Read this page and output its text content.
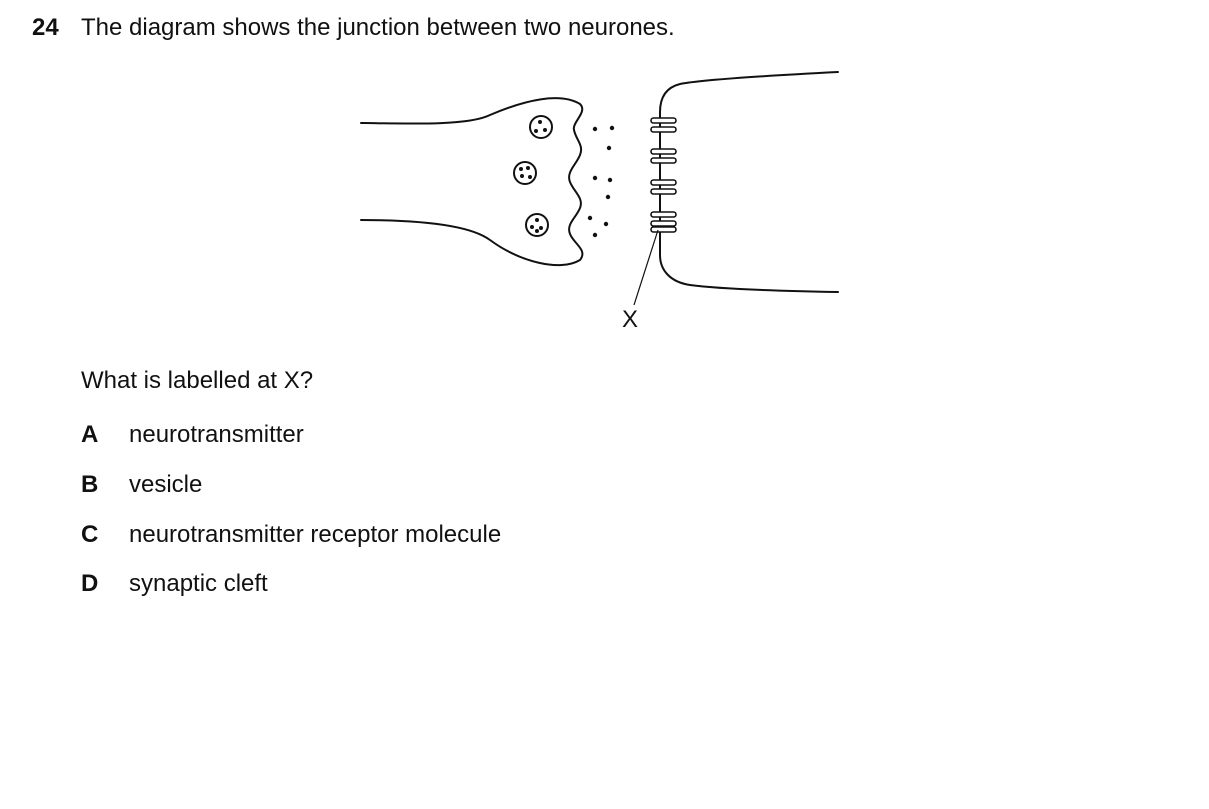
24 The diagram shows the junction between two neurones.
X
What is labelled at X?
A	neurotransmitter
B	vesicle
C	neurotransmitter receptor molecule
D	synaptic cleft
